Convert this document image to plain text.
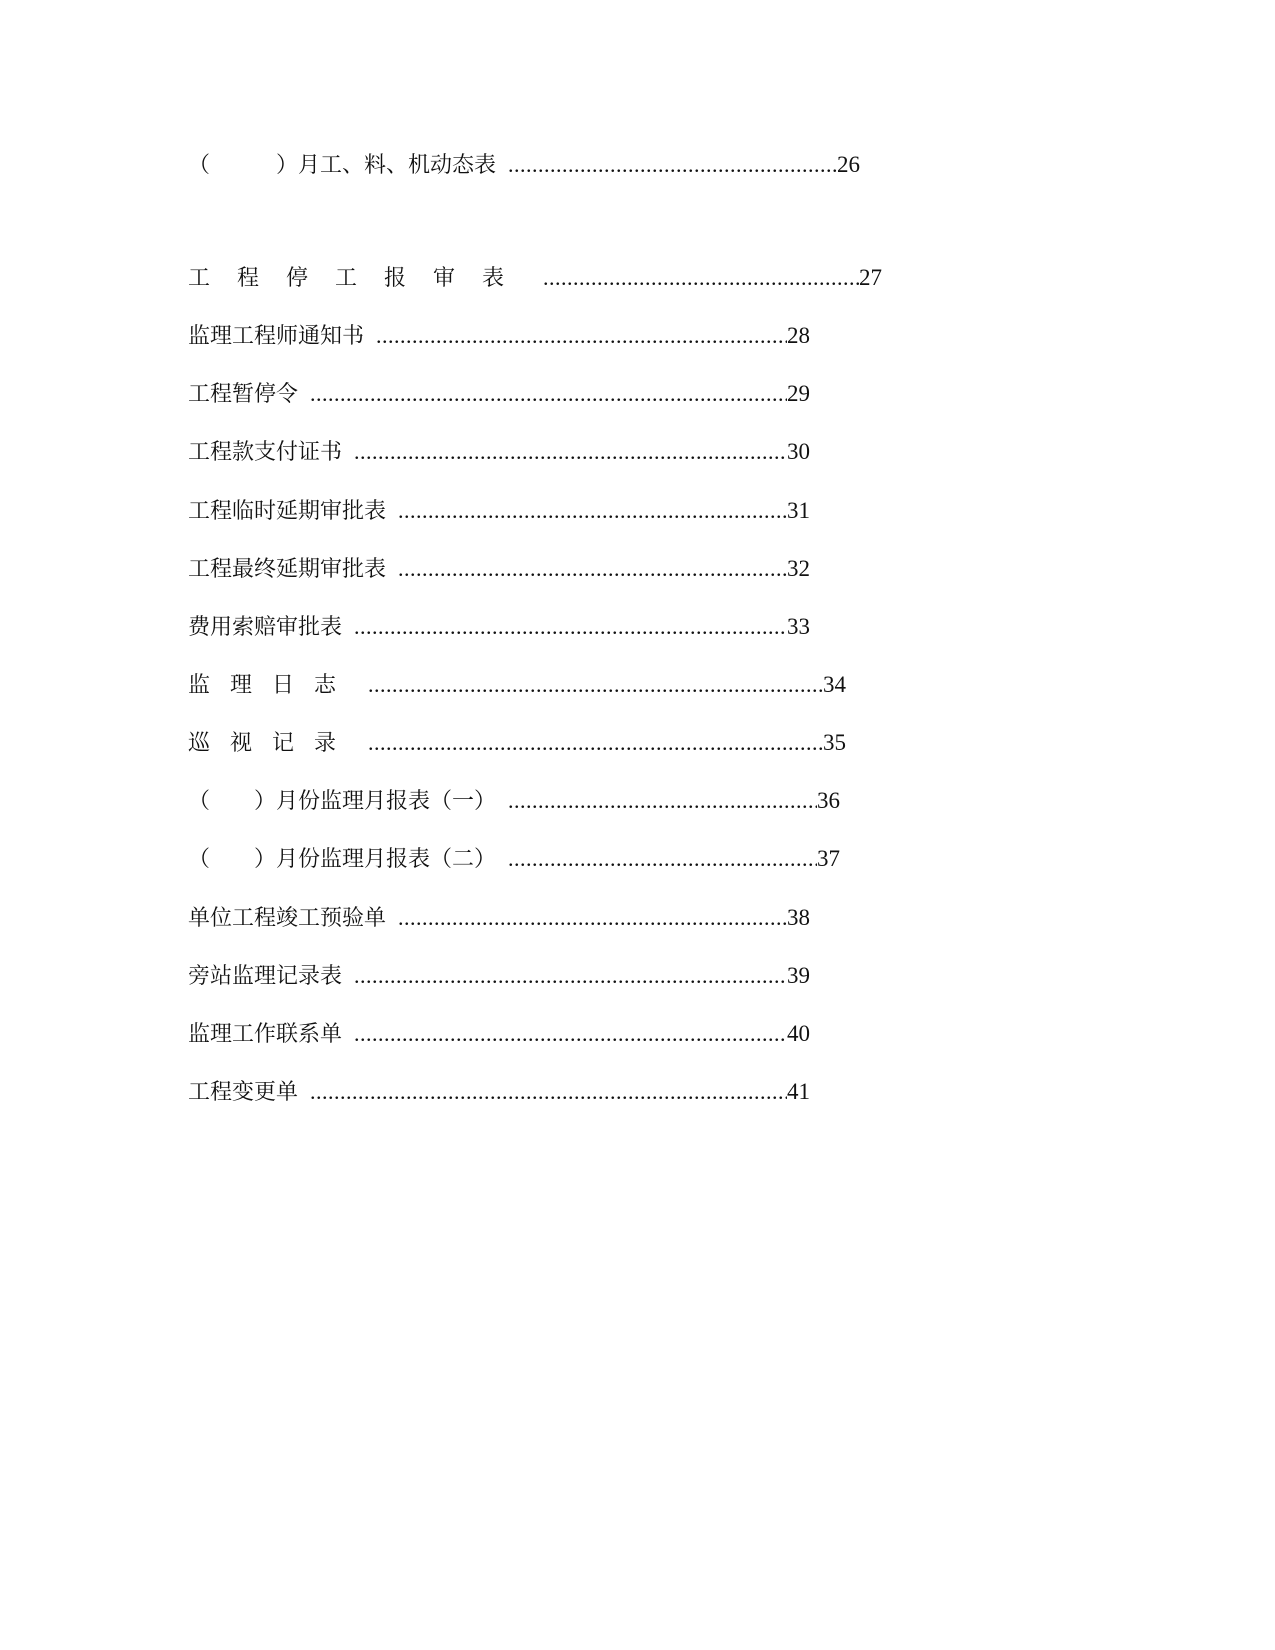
（　　　）月工、料、机动态表 .....	26
工程停工报审表 .....	27
监理工程师通知书 .....	28
工程暂停令 .....	29
工程款支付证书 .....	30
工程临时延期审批表 .....	31
工程最终延期审批表 .....	32
费用索赔审批表 .....	33
监理日志 .....	34
巡视记录 .....	35
（　　）月份监理月报表（一） .....	36
（　　）月份监理月报表（二） .....	37
单位工程竣工预验单 .....	38
旁站监理记录表 .....	39
监理工作联系单 .....	40
工程变更单 .....	41
